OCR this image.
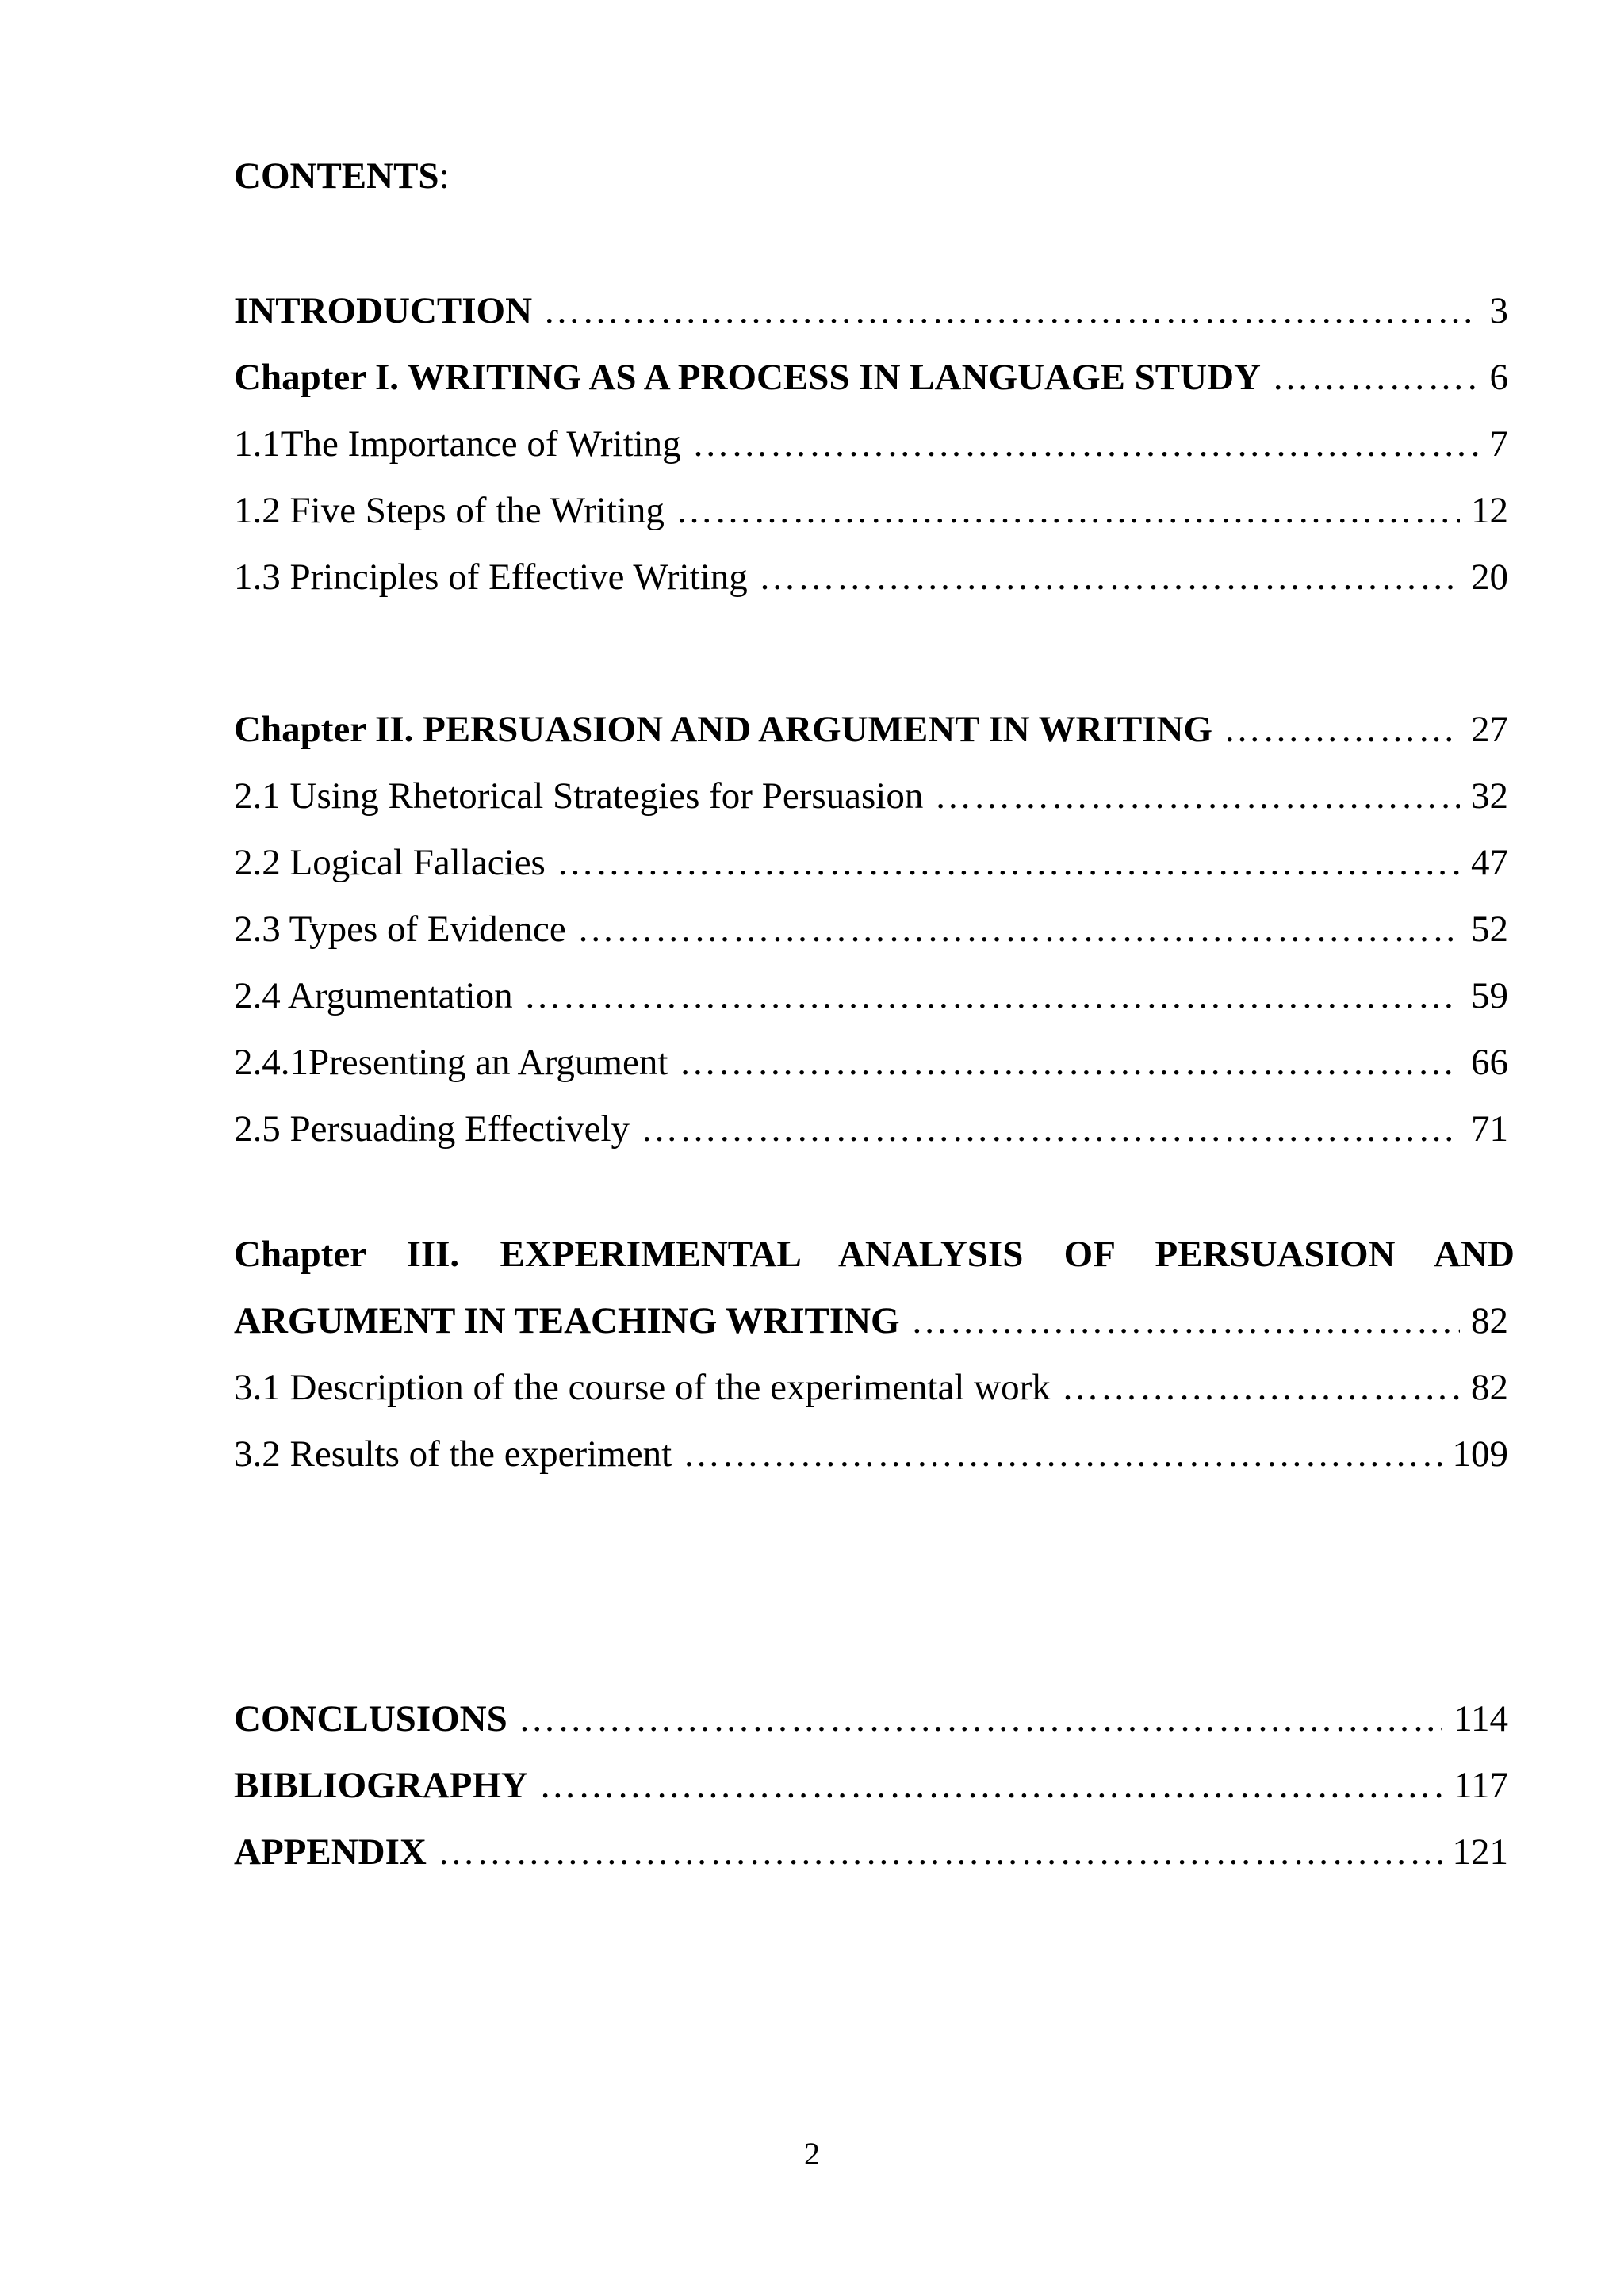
CONTENTS:
INTRODUCTION …………………………………………………………………………………………………………………………………………………………………………………………………………………………	3
Chapter I. WRITING AS A PROCESS IN LANGUAGE STUDY …………………………………………………………………………………………………………………………………………………………………………………………………………………………	6
1.1The Importance of Writing …………………………………………………………………………………………………………………………………………………………………………………………………………………………	7
1.2 Five Steps of the Writing …………………………………………………………………………………………………………………………………………………………………………………………………………………………	12
1.3 Principles of Effective Writing …………………………………………………………………………………………………………………………………………………………………………………………………………………………	20
Chapter II. PERSUASION AND ARGUMENT IN WRITING …………………………………………………………………………………………………………………………………………………………………………………………………………………………	27
2.1 Using Rhetorical Strategies for Persuasion …………………………………………………………………………………………………………………………………………………………………………………………………………………………	32
2.2 Logical Fallacies …………………………………………………………………………………………………………………………………………………………………………………………………………………………	47
2.3 Types of Evidence …………………………………………………………………………………………………………………………………………………………………………………………………………………………	52
2.4 Argumentation …………………………………………………………………………………………………………………………………………………………………………………………………………………………	59
2.4.1Presenting an Argument …………………………………………………………………………………………………………………………………………………………………………………………………………………………	66
2.5 Persuading Effectively …………………………………………………………………………………………………………………………………………………………………………………………………………………………	71
Chapter III. EXPERIMENTAL ANALYSIS OF PERSUASION AND
ARGUMENT IN TEACHING WRITING …………………………………………………………………………………………………………………………………………………………………………………………………………………………	82
3.1 Description of the course of the experimental work …………………………………………………………………………………………………………………………………………………………………………………………………………………………	82
3.2 Results of the experiment …………………………………………………………………………………………………………………………………………………………………………………………………………………………	109
CONCLUSIONS …………………………………………………………………………………………………………………………………………………………………………………………………………………………	114
BIBLIOGRAPHY …………………………………………………………………………………………………………………………………………………………………………………………………………………………	117
APPENDIX …………………………………………………………………………………………………………………………………………………………………………………………………………………………	121
2
